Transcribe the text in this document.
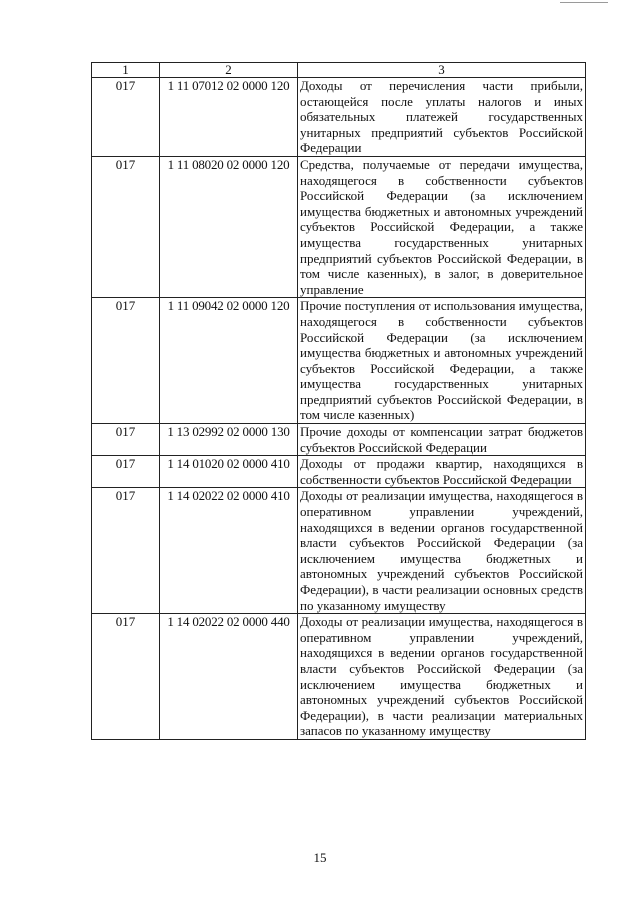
1	2	3
017	1 11 07012 02 0000 120	Доходы от перечисления части прибыли, остающейся после уплаты налогов и иных обязательных платежей государственных унитарных предприятий субъектов Российской Федерации
017	1 11 08020 02 0000 120	Средства, получаемые от передачи имущества, находящегося в собственности субъектов Российской Федерации (за исключением имущества бюджетных и автономных учреждений субъектов Российской Федерации, а также имущества государственных унитарных предприятий субъектов Российской Федерации, в том числе казенных), в залог, в доверительное управление
017	1 11 09042 02 0000 120	Прочие поступления от использования имущества, находящегося в собственности субъектов Российской Федерации (за исключением имущества бюджетных и автономных учреждений субъектов Российской Федерации, а также имущества государственных унитарных предприятий субъектов Российской Федерации, в том числе казенных)
017	1 13 02992 02 0000 130	Прочие доходы от компенсации затрат бюджетов субъектов Российской Федерации
017	1 14 01020 02 0000 410	Доходы от продажи квартир, находящихся в собственности субъектов Российской Федерации
017	1 14 02022 02 0000 410	Доходы от реализации имущества, находящегося в оперативном управлении учреждений, находящихся в ведении органов государственной власти субъектов Российской Федерации (за исключением имущества бюджетных и автономных учреждений субъектов Российской Федерации), в части реализации основных средств по указанному имуществу
017	1 14 02022 02 0000 440	Доходы от реализации имущества, находящегося в оперативном управлении учреждений, находящихся в ведении органов государственной власти субъектов Российской Федерации (за исключением имущества бюджетных и автономных учреждений субъектов Российской Федерации), в части реализации материальных запасов по указанному имуществу
15
